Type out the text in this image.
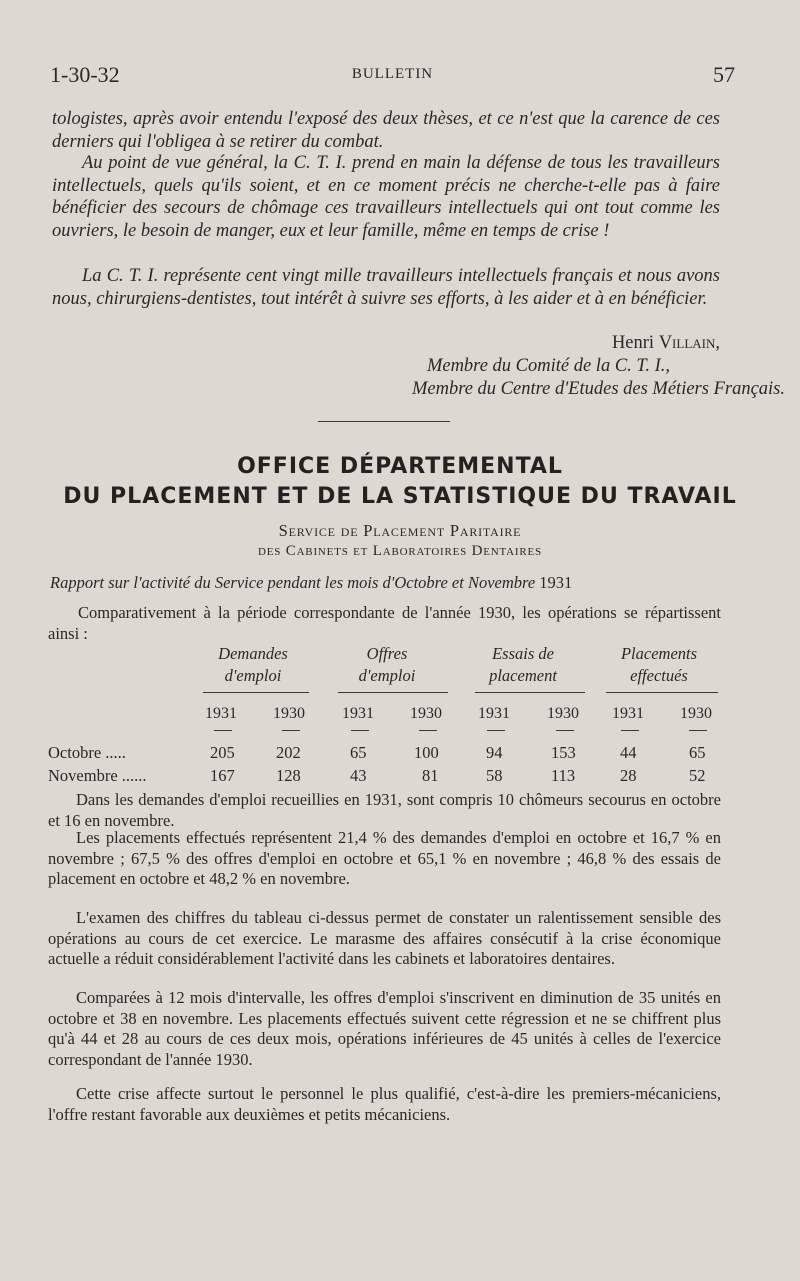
1-30-32	BULLETIN	57
tologistes, après avoir entendu l'exposé des deux thèses, et ce n'est que la carence de ces derniers qui l'obligea à se retirer du combat.
Au point de vue général, la C. T. I. prend en main la défense de tous les travailleurs intellectuels, quels qu'ils soient, et en ce moment précis ne cherche-t-elle pas à faire bénéficier des secours de chômage ces travailleurs intellectuels qui ont tout comme les ouvriers, le besoin de manger, eux et leur famille, même en temps de crise !
La C. T. I. représente cent vingt mille travailleurs intellectuels français et nous avons nous, chirurgiens-dentistes, tout intérêt à suivre ses efforts, à les aider et à en bénéficier.
Henri Villain,
Membre du Comité de la C. T. I.,
Membre du Centre d'Etudes des Métiers Français.
OFFICE DÉPARTEMENTAL
DU PLACEMENT ET DE LA STATISTIQUE DU TRAVAIL
Service de Placement Paritaire
des Cabinets et Laboratoires Dentaires
Rapport sur l'activité du Service pendant les mois d'Octobre et Novembre 1931
Comparativement à la période correspondante de l'année 1930, les opérations se répartissent ainsi :
Demandes
d'emploi
Offres
d'emploi
Essais de
placement
Placements
effectués
1931 1930 1931 1930 1931 1930 1931 1930
Octobre .....	205	202	65	100	94	153	44	65
Novembre ......	167	128	43	81	58	113	28	52
Dans les demandes d'emploi recueillies en 1931, sont compris 10 chômeurs secourus en octobre et 16 en novembre.
Les placements effectués représentent 21,4 % des demandes d'emploi en octobre et 16,7 % en novembre ; 67,5 % des offres d'emploi en octobre et 65,1 % en novembre ; 46,8 % des essais de placement en octobre et 48,2 % en novembre.
L'examen des chiffres du tableau ci-dessus permet de constater un ralentissement sensible des opérations au cours de cet exercice. Le marasme des affaires consécutif à la crise économique actuelle a réduit considérablement l'activité dans les cabinets et laboratoires dentaires.
Comparées à 12 mois d'intervalle, les offres d'emploi s'inscrivent en diminution de 35 unités en octobre et 38 en novembre. Les placements effectués suivent cette régression et ne se chiffrent plus qu'à 44 et 28 au cours de ces deux mois, opérations inférieures de 45 unités à celles de l'exercice correspondant de l'année 1930.
Cette crise affecte surtout le personnel le plus qualifié, c'est-à-dire les premiers-mécaniciens, l'offre restant favorable aux deuxièmes et petits mécaniciens.
